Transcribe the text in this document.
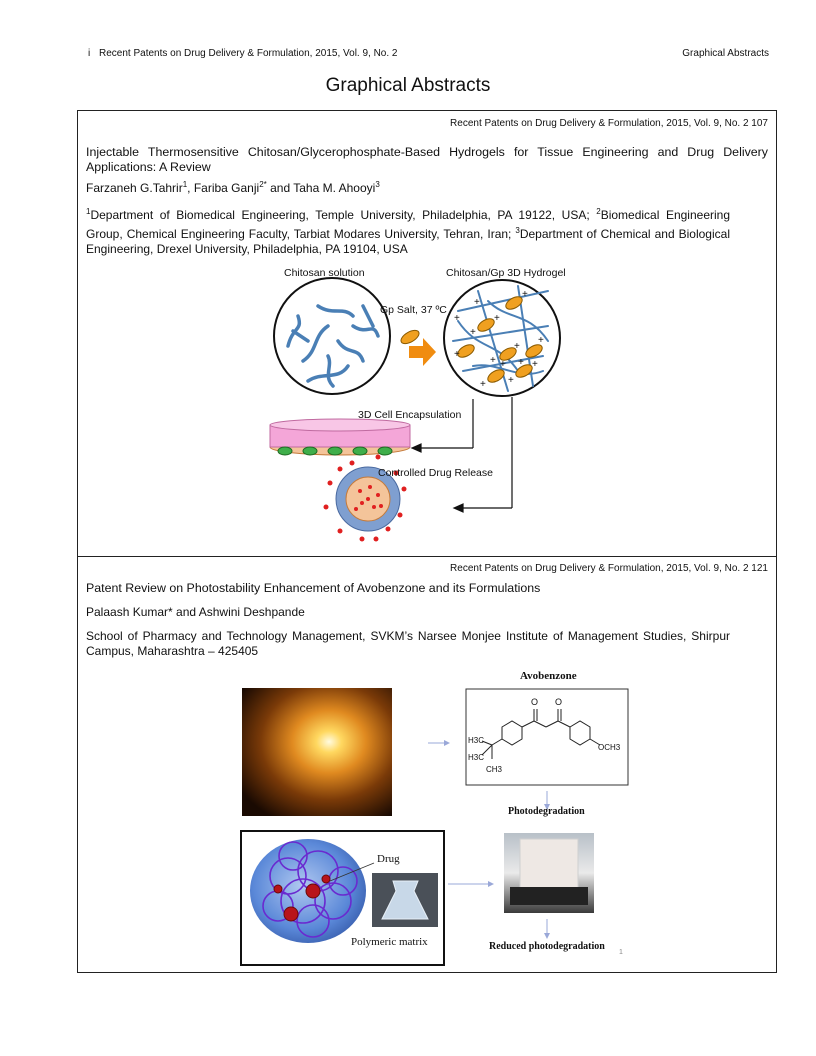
i Recent Patents on Drug Delivery & Formulation, 2015, Vol. 9, No. 2	Graphical Abstracts
Graphical Abstracts
Recent Patents on Drug Delivery & Formulation, 2015, Vol. 9, No. 2 107
Injectable Thermosensitive Chitosan/Glycerophosphate-Based Hydrogels for Tissue Engineering and Drug Delivery Applications: A Review
Farzaneh G.Tahrir$^1$, Fariba Ganji$^{2*}$ and Taha M. Ahooyi$^3$
$^1$Department of Biomedical Engineering, Temple University, Philadelphia, PA 19122, USA; $^2$Biomedical Engineering Group, Chemical Engineering Faculty, Tarbiat Modares University, Tehran, Iran; $^3$Department of Chemical and Biological Engineering, Drexel University, Philadelphia, PA 19104, USA
+
+	+
+
+
+
+
+
+
+
+ +
+
+
Chitosan solution	Chitosan/Gp 3D Hydrogel
Gp Salt, 37 ºC
3D Cell Encapsulation
Controlled Drug Release
Recent Patents on Drug Delivery & Formulation, 2015, Vol. 9, No. 2 121
Patent Review on Photostability Enhancement of Avobenzone and its Formulations
Palaash Kumar* and Ashwini Deshpande
School of Pharmacy and Technology Management, SVKM’s Narsee Monjee Institute of Management Studies, Shirpur Campus, Maharashtra – 425405
Avobenzone
O O
H3C
H3C
CH3
OCH3
Photodegradation
Drug
Polymeric matrix	Reduced photodegradation
1
